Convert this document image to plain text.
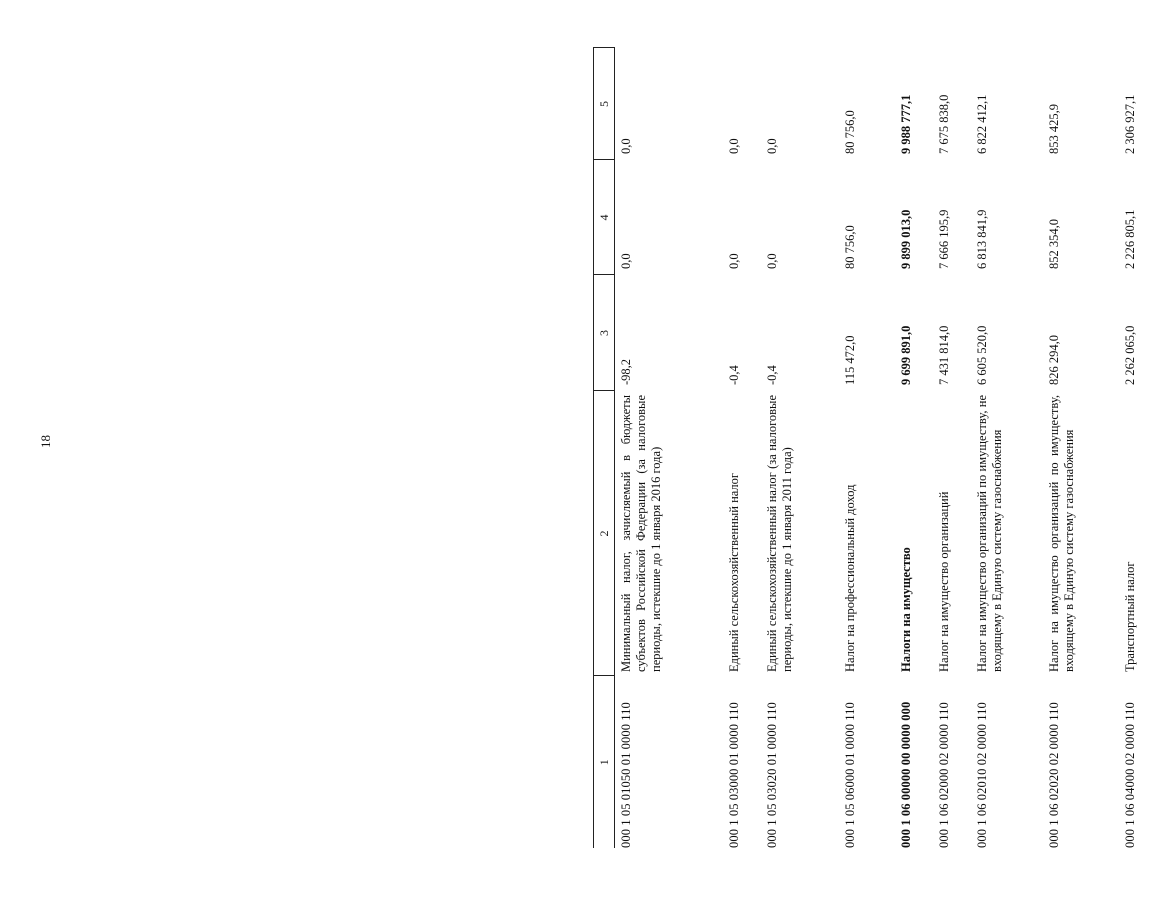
18
1	2	3	4	5
000 1 05 01050 01 0000 110	Минимальный налог, зачисляемый в бюджеты субъектов Российской Федерации (за налоговые периоды, истекшие до 1 января 2016 года)	-98,2	0,0	0,0
000 1 05 03000 01 0000 110	Единый сельскохозяйственный налог	-0,4	0,0	0,0
000 1 05 03020 01 0000 110	Единый сельскохозяйственный налог (за налоговые периоды, истекшие до 1 января 2011 года)	-0,4	0,0	0,0
000 1 05 06000 01 0000 110	Налог на профессиональный доход	115 472,0	80 756,0	80 756,0
000 1 06 00000 00 0000 000	Налоги на имущество	9 699 891,0	9 899 013,0	9 988 777,1
000 1 06 02000 02 0000 110	Налог на имущество организаций	7 431 814,0	7 666 195,9	7 675 838,0
000 1 06 02010 02 0000 110	Налог на имущество организаций по имуществу, не входящему в Единую систему газоснабжения	6 605 520,0	6 813 841,9	6 822 412,1
000 1 06 02020 02 0000 110	Налог на имущество организаций по имуществу, входящему в Единую систему газоснабжения	826 294,0	852 354,0	853 425,9
000 1 06 04000 02 0000 110	Транспортный налог	2 262 065,0	2 226 805,1	2 306 927,1
